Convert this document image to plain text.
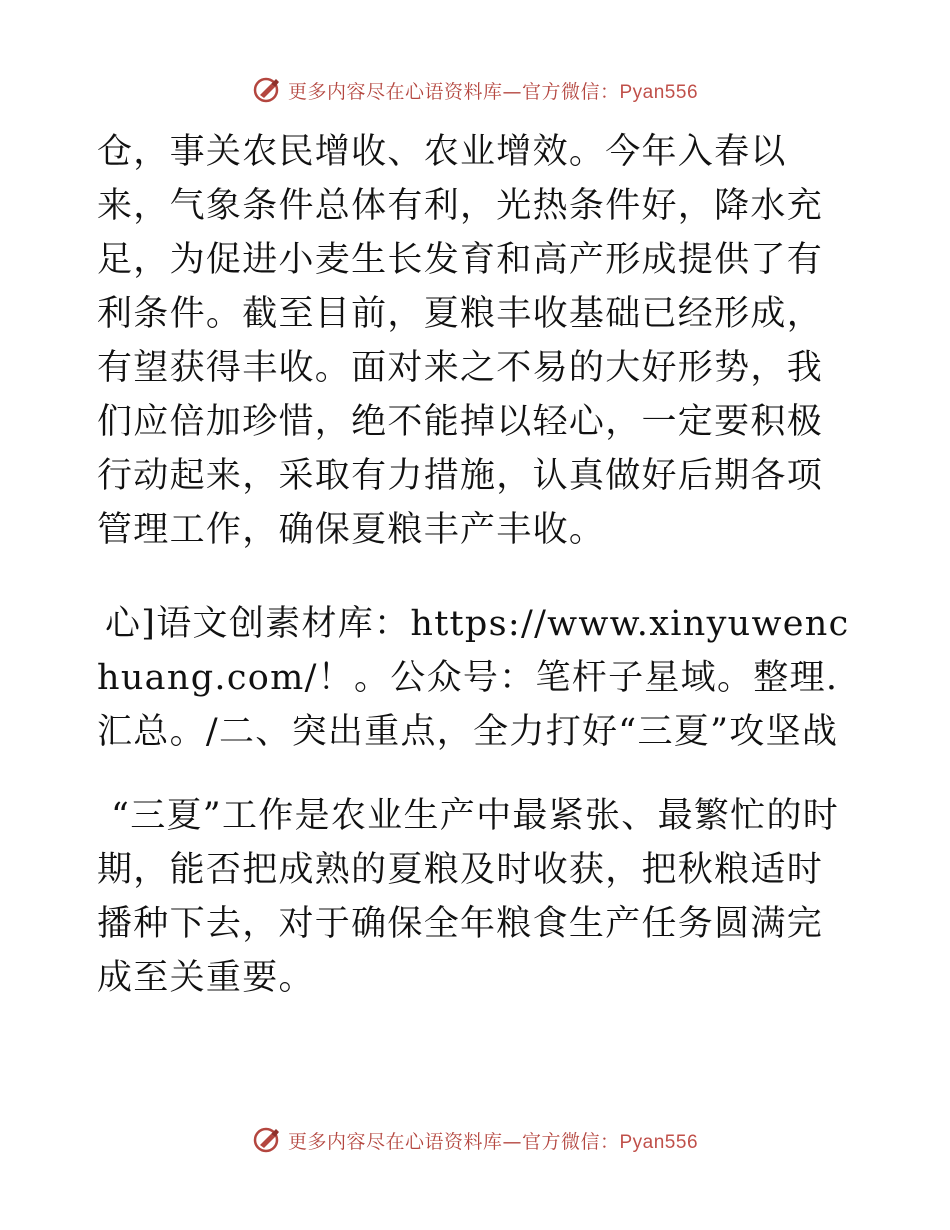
更多内容尽在心语资料库—官方微信：Pyan556

仓，事关农民增收、农业增效。今年入春以来，气象条件总体有利，光热条件好，降水充足，为促进小麦生长发育和高产形成提供了有利条件。截至目前，夏粮丰收基础已经形成，有望获得丰收。面对来之不易的大好形势，我们应倍加珍惜，绝不能掉以轻心，一定要积极行动起来，采取有力措施，认真做好后期各项管理工作，确保夏粮丰产丰收。

心]语文创素材库：https://www.xinyuwenchuang.com/！。公众号：笔杆子星域。整理.汇总。/二、突出重点，全力打好“三夏”攻坚战

“三夏”工作是农业生产中最紧张、最繁忙的时期，能否把成熟的夏粮及时收获，把秋粮适时播种下去，对于确保全年粮食生产任务圆满完成至关重要。

更多内容尽在心语资料库—官方微信：Pyan556
